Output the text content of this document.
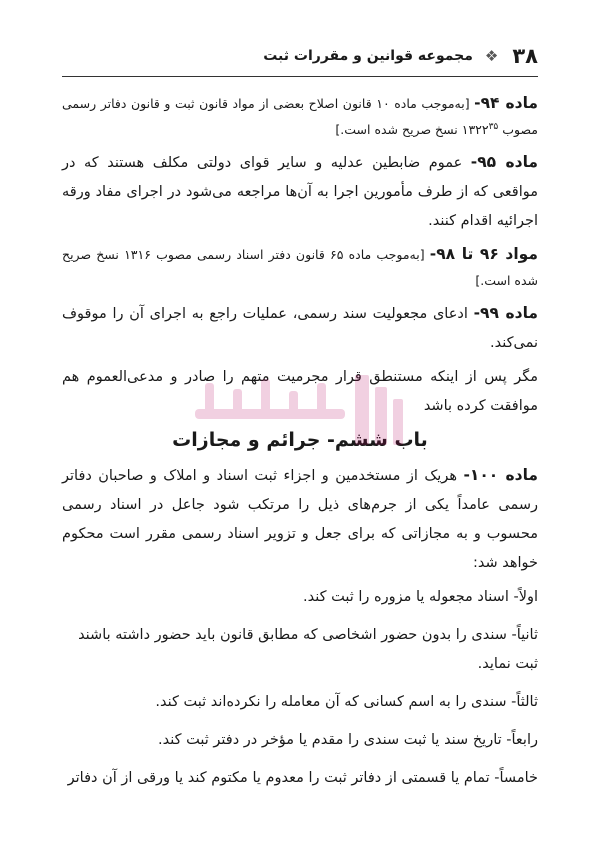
۳۸
❖
مجموعه قوانین و مقررات ثبت

ماده ۹۴- [به‌موجب ماده ۱۰ قانون اصلاح بعضی از مواد قانون ثبت و قانون دفاتر رسمی مصوب ۱۳۲۲$^{۳۵}$ نسخ صریح شده است.]

ماده ۹۵- عموم ضابطین عدلیه و سایر قوای دولتی مکلف هستند که در مواقعی که از طرف مأمورین اجرا به آن‌ها مراجعه می‌شود در اجرای مفاد ورقه اجرائیه اقدام کنند.

مواد ۹۶ تا ۹۸- [به‌موجب ماده ۶۵ قانون دفتر اسناد رسمی مصوب ۱۳۱۶ نسخ صریح شده است.]

ماده ۹۹- ادعای مجعولیت سند رسمی، عملیات راجع به اجرای آن را موقوف نمی‌کند.

مگر پس از اینکه مستنطق قرار مجرمیت متهم را صادر و مدعی‌العموم هم موافقت کرده باشد

باب ششم- جرائم و مجازات

ماده ۱۰۰- هریک از مستخدمین و اجزاء ثبت اسناد و املاک و صاحبان دفاتر رسمی عامداً یکی از جرم‌های ذیل را مرتکب شود جاعل در اسناد رسمی محسوب و به مجازاتی که برای جعل و تزویر اسناد رسمی مقرر است محکوم خواهد شد:

اولاً- اسناد مجعوله یا مزوره را ثبت کند.

ثانیاً- سندی را بدون حضور اشخاصی که مطابق قانون باید حضور داشته باشند ثبت نماید.

ثالثاً- سندی را به اسم کسانی که آن معامله را نکرده‌اند ثبت کند.

رابعاً- تاریخ سند یا ثبت سندی را مقدم یا مؤخر در دفتر ثبت کند.

خامساً- تمام یا قسمتی از دفاتر ثبت را معدوم یا مکتوم کند یا ورقی از آن دفاتر
